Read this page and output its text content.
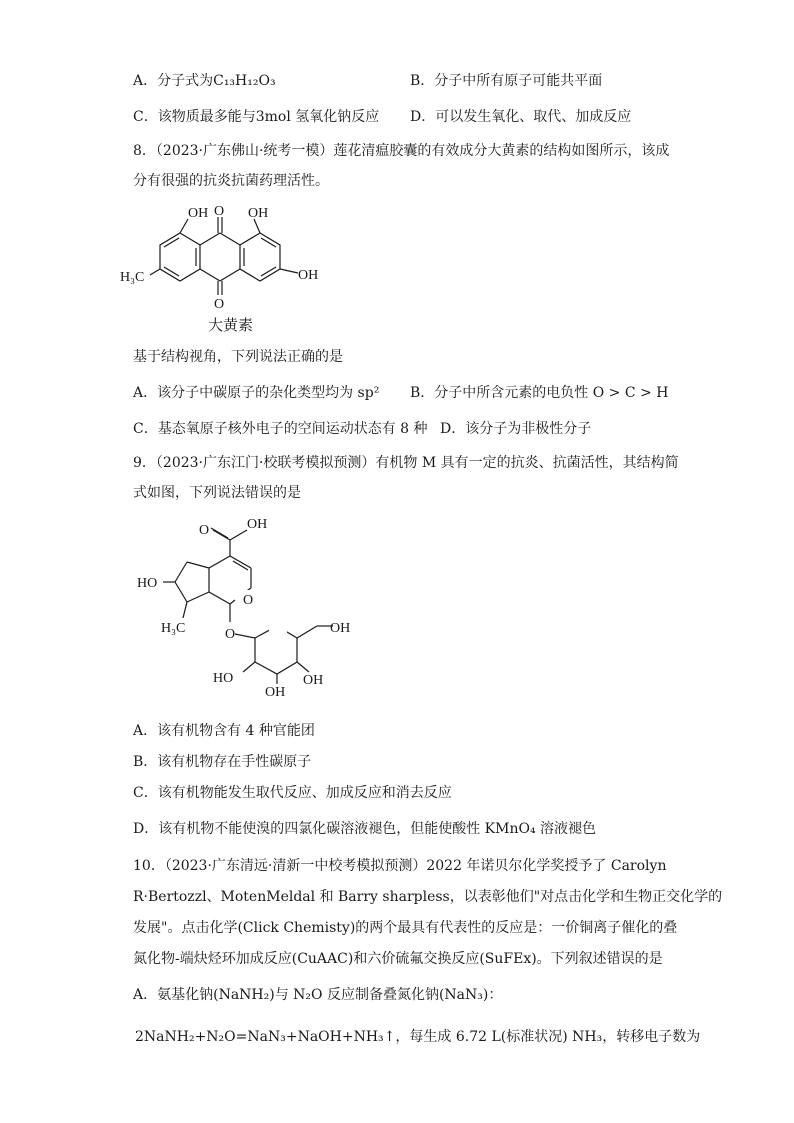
A．分子式为C₁₃H₁₂O₃	B．分子中所有原子可能共平面
C．该物质最多能与3mol 氢氧化钠反应 D．可以发生氧化、取代、加成反应
8．（2023·广东佛山·统考一模）莲花清瘟胶囊的有效成分大黄素的结构如图所示，该成
分有很强的抗炎抗菌药理活性。
OH O OH
H₃C	OH
O
大黄素
基于结构视角，下列说法正确的是
A．该分子中碳原子的杂化类型均为 sp² B．分子中所含元素的电负性 O > C > H
C．基态氧原子核外电子的空间运动状态有 8 种 D．该分子为非极性分子
9．（2023·广东江门·校联考模拟预测）有机物 M 具有一定的抗炎、抗菌活性，其结构简
式如图，下列说法错误的是
O	OH
HO
O
H₃C	O	OH
HO	OH
OH
A．该有机物含有 4 种官能团
B．该有机物存在手性碳原子
C．该有机物能发生取代反应、加成反应和消去反应
D．该有机物不能使溴的四氯化碳溶液褪色，但能使酸性 KMnO₄ 溶液褪色
10．（2023·广东清远·清新一中校考模拟预测）2022 年诺贝尔化学奖授予了 Carolyn
R·Bertozzl、MotenMeldal 和 Barry sharpless，以表彰他们"对点击化学和生物正交化学的
发展"。点击化学(Click Chemisty)的两个最具有代表性的反应是：一价铜离子催化的叠
氮化物-端炔烃环加成反应(CuAAC)和六价硫氟交换反应(SuFEx)。下列叙述错误的是
A．氨基化钠(NaNH₂)与 N₂O 反应制备叠氮化钠(NaN₃)：
2NaNH₂+N₂O=NaN₃+NaOH+NH₃↑，每生成 6.72 L(标准状况) NH₃，转移电子数为
